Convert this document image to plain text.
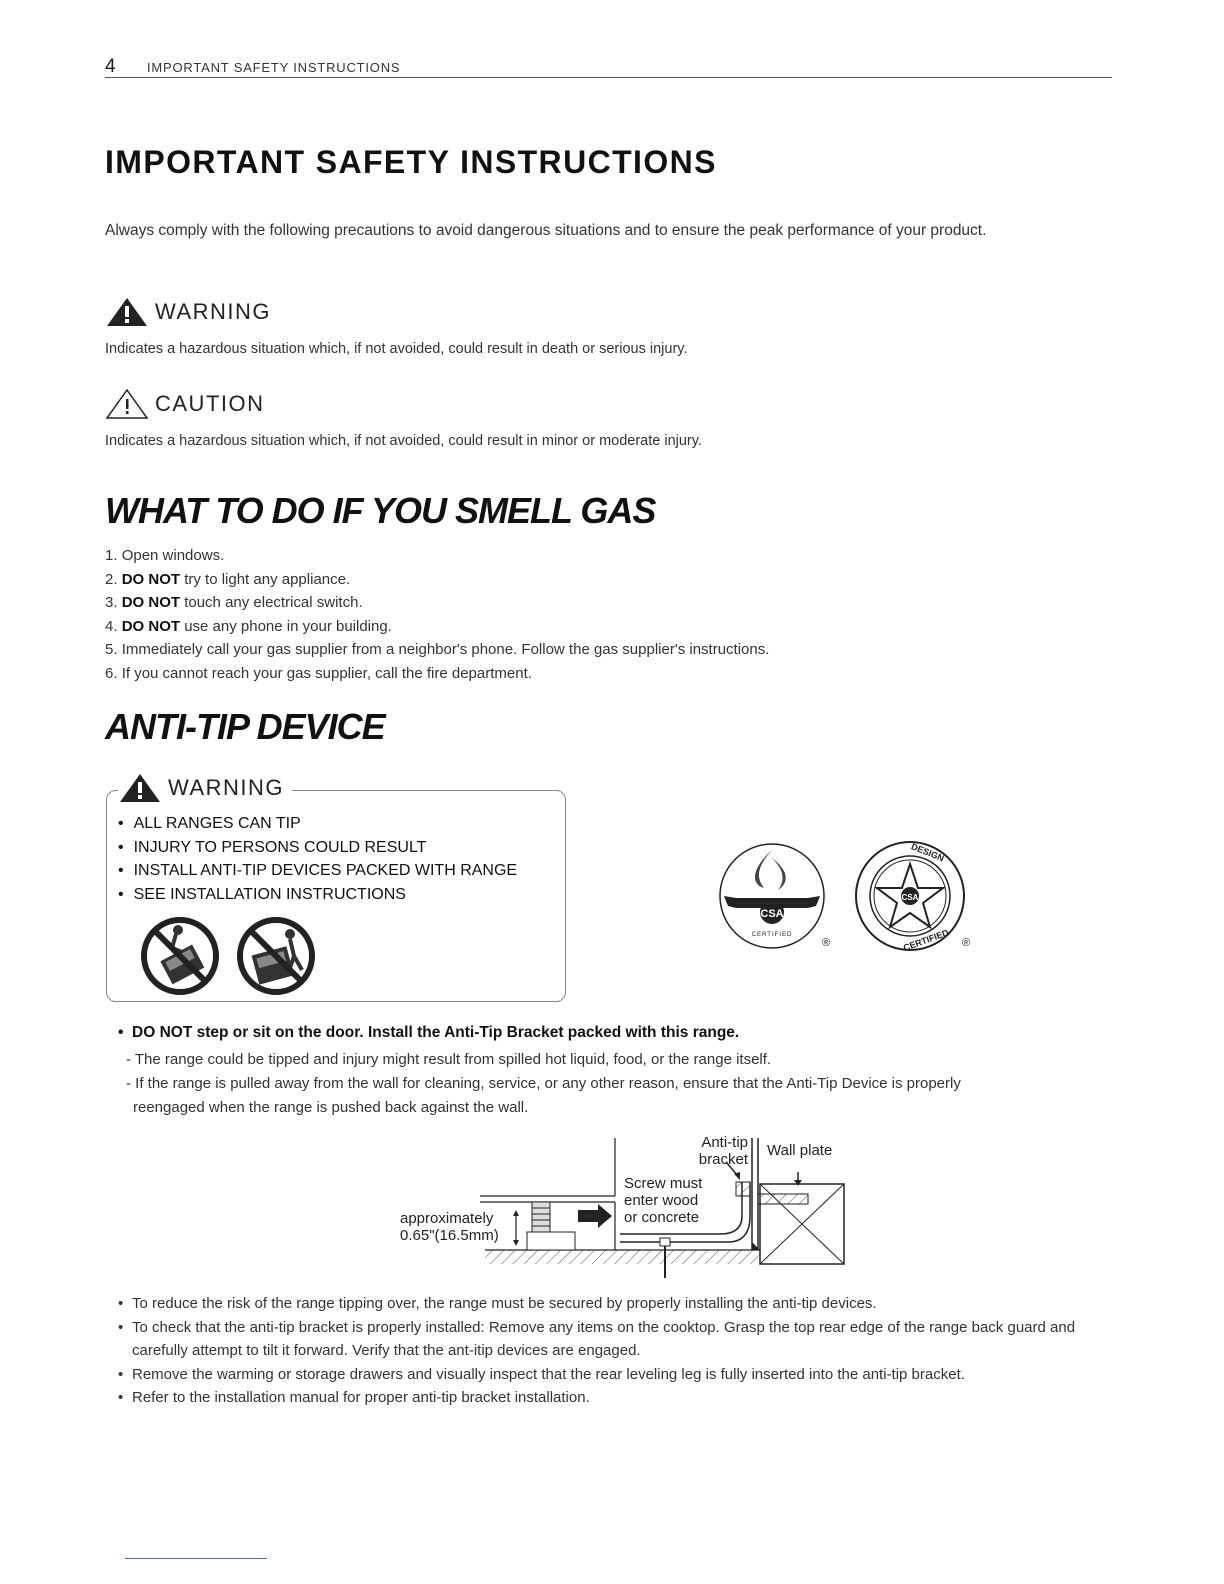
4 IMPORTANT SAFETY INSTRUCTIONS
IMPORTANT SAFETY INSTRUCTIONS
Always comply with the following precautions to avoid dangerous situations and to ensure the peak performance of your product.
WARNING
Indicates a hazardous situation which, if not avoided, could result in death or serious injury.
CAUTION
Indicates a hazardous situation which, if not avoided, could result in minor or moderate injury.
WHAT TO DO IF YOU SMELL GAS
1. Open windows.
2. DO NOT try to light any appliance.
3. DO NOT touch any electrical switch.
4. DO NOT use any phone in your building.
5. Immediately call your gas supplier from a neighbor's phone. Follow the gas supplier's instructions.
6. If you cannot reach your gas supplier, call the fire department.
ANTI-TIP DEVICE
WARNING
• ALL RANGES CAN TIP
• INJURY TO PERSONS COULD RESULT
• INSTALL ANTI-TIP DEVICES PACKED WITH RANGE
• SEE INSTALLATION INSTRUCTIONS
CSA
CERTIFIED
®
CSA
DESIGN
CERTIFIED ®
•  DO NOT step or sit on the door. Install the Anti-Tip Bracket packed with this range.
- The range could be tipped and injury might result from spilled hot liquid, food, or the range itself.
- If the range is pulled away from the wall for cleaning, service, or any other reason, ensure that the Anti-Tip Device is properly
reengaged when the range is pushed back against the wall.
Anti-tip
bracket
Wall plate
Screw must
enter wood
or concrete
approximately
0.65"(16.5mm)
• To reduce the risk of the range tipping over, the range must be secured by properly installing the anti-tip devices.
• To check that the anti-tip bracket is properly installed: Remove any items on the cooktop. Grasp the top rear edge of the range back guard and carefully attempt to tilt it forward. Verify that the ant-itip devices are engaged.
• Remove the warming or storage drawers and visually inspect that the rear leveling leg is fully inserted into the anti-tip bracket.
• Refer to the installation manual for proper anti-tip bracket installation.
